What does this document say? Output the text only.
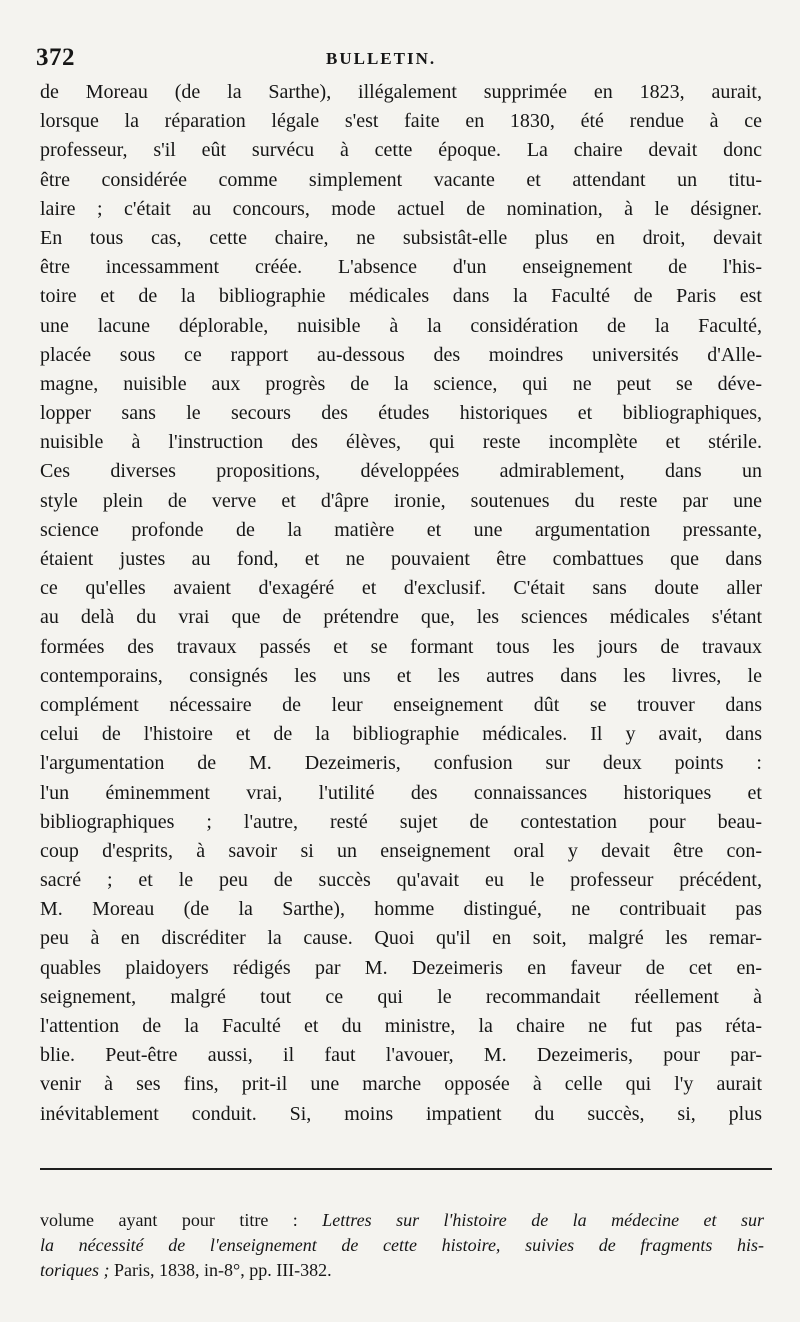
372	BULLETIN.
de Moreau (de la Sarthe), illégalement supprimée en 1823, aurait,
lorsque la réparation légale s'est faite en 1830, été rendue à ce
professeur, s'il eût survécu à cette époque. La chaire devait donc
être considérée comme simplement vacante et attendant un titu-
laire ; c'était au concours, mode actuel de nomination, à le désigner.
En tous cas, cette chaire, ne subsistât-elle plus en droit, devait
être incessamment créée. L'absence d'un enseignement de l'his-
toire et de la bibliographie médicales dans la Faculté de Paris est
une lacune déplorable, nuisible à la considération de la Faculté,
placée sous ce rapport au-dessous des moindres universités d'Alle-
magne, nuisible aux progrès de la science, qui ne peut se déve-
lopper sans le secours des études historiques et bibliographiques,
nuisible à l'instruction des élèves, qui reste incomplète et stérile.
Ces diverses propositions, développées admirablement, dans un
style plein de verve et d'âpre ironie, soutenues du reste par une
science profonde de la matière et une argumentation pressante,
étaient justes au fond, et ne pouvaient être combattues que dans
ce qu'elles avaient d'exagéré et d'exclusif. C'était sans doute aller
au delà du vrai que de prétendre que, les sciences médicales s'étant
formées des travaux passés et se formant tous les jours de travaux
contemporains, consignés les uns et les autres dans les livres, le
complément nécessaire de leur enseignement dût se trouver dans
celui de l'histoire et de la bibliographie médicales. Il y avait, dans
l'argumentation de M. Dezeimeris, confusion sur deux points :
l'un éminemment vrai, l'utilité des connaissances historiques et
bibliographiques ; l'autre, resté sujet de contestation pour beau-
coup d'esprits, à savoir si un enseignement oral y devait être con-
sacré ; et le peu de succès qu'avait eu le professeur précédent,
M. Moreau (de la Sarthe), homme distingué, ne contribuait pas
peu à en discréditer la cause. Quoi qu'il en soit, malgré les remar-
quables plaidoyers rédigés par M. Dezeimeris en faveur de cet en-
seignement, malgré tout ce qui le recommandait réellement à
l'attention de la Faculté et du ministre, la chaire ne fut pas réta-
blie. Peut-être aussi, il faut l'avouer, M. Dezeimeris, pour par-
venir à ses fins, prit-il une marche opposée à celle qui l'y aurait
inévitablement conduit. Si, moins impatient du succès, si, plus
volume ayant pour titre : Lettres sur l'histoire de la médecine et sur
la nécessité de l'enseignement de cette histoire, suivies de fragments his-
toriques ; Paris, 1838, in-8°, pp. III-382.
